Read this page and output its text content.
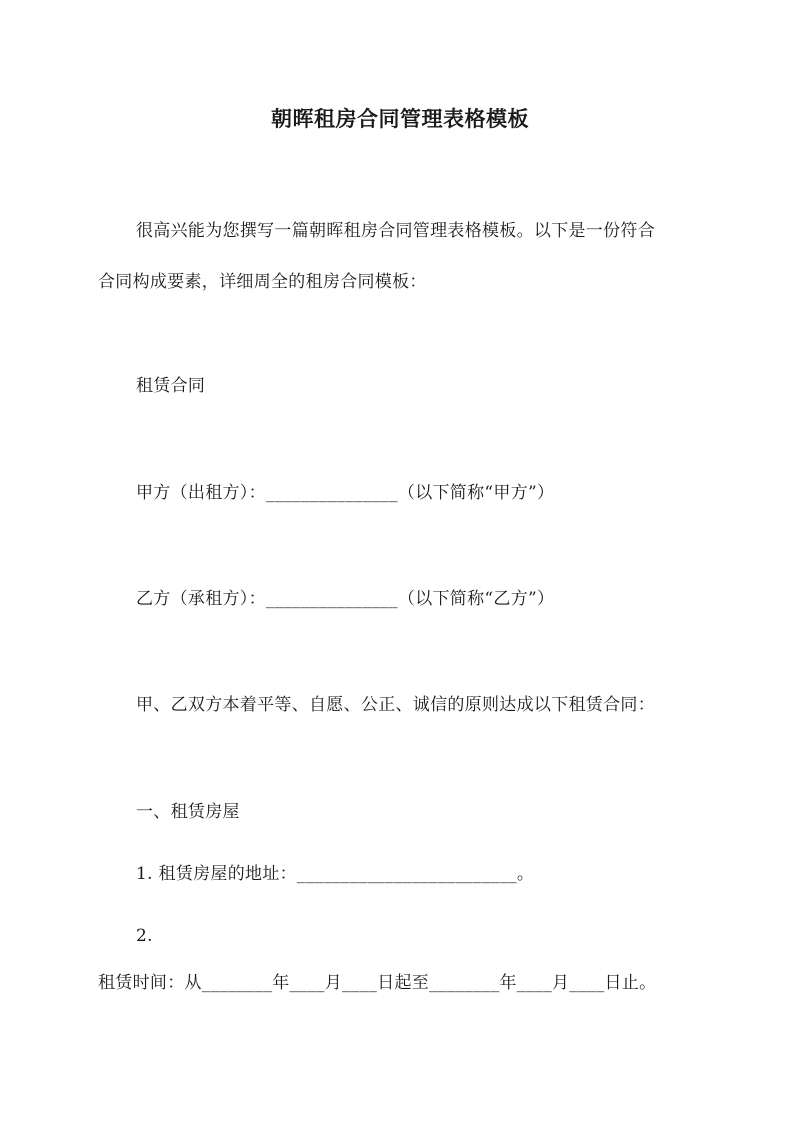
朝晖租房合同管理表格模板
很高兴能为您撰写一篇朝晖租房合同管理表格模板。以下是一份符合
合同构成要素，详细周全的租房合同模板：
租赁合同
甲方（出租方）：_______________（以下简称“甲方”）
乙方（承租方）：_______________（以下简称“乙方”）
甲、乙双方本着平等、自愿、公正、诚信的原则达成以下租赁合同：
一、租赁房屋
1. 租赁房屋的地址：_________________________。
2.
租赁时间：从________年____月____日起至________年____月____日止。
